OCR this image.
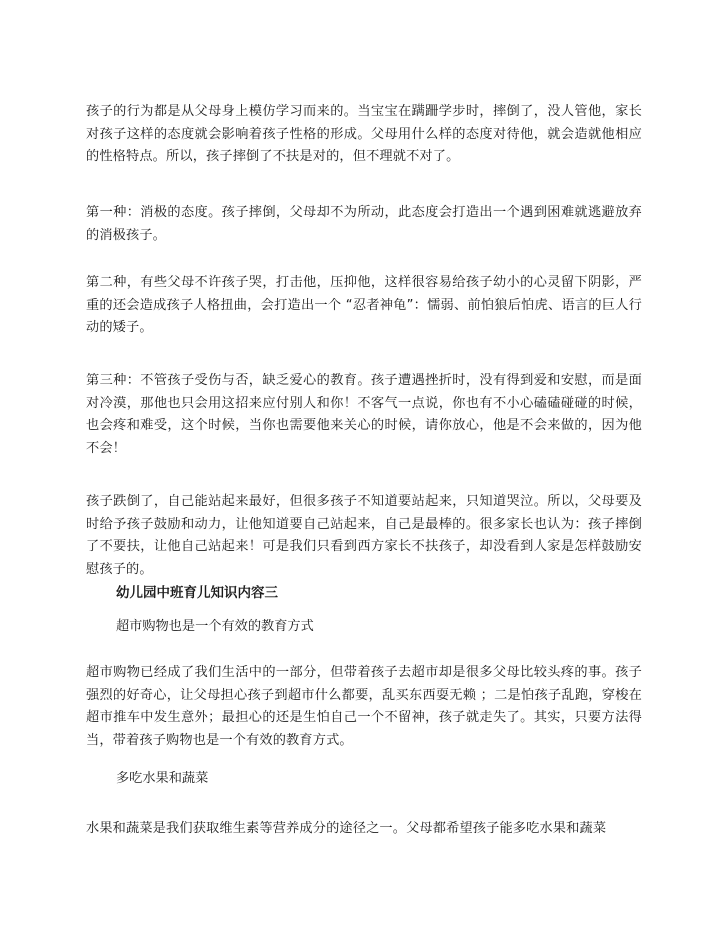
孩子的行为都是从父母身上模仿学习而来的。当宝宝在蹒跚学步时，摔倒了，没人管他，家长对孩子这样的态度就会影响着孩子性格的形成。父母用什么样的态度对待他，就会造就他相应的性格特点。所以，孩子摔倒了不扶是对的，但不理就不对了。

第一种：消极的态度。孩子摔倒，父母却不为所动，此态度会打造出一个遇到困难就逃避放弃的消极孩子。

第二种，有些父母不许孩子哭，打击他，压抑他，这样很容易给孩子幼小的心灵留下阴影，严重的还会造成孩子人格扭曲，会打造出一个 “忍者神龟”：懦弱、前怕狼后怕虎、语言的巨人行动的矮子。

第三种：不管孩子受伤与否，缺乏爱心的教育。孩子遭遇挫折时，没有得到爱和安慰，而是面对冷漠，那他也只会用这招来应付别人和你！不客气一点说，你也有不小心磕磕碰碰的时候，也会疼和难受，这个时候，当你也需要他来关心的时候，请你放心，他是不会来做的，因为他不会！

孩子跌倒了，自己能站起来最好，但很多孩子不知道要站起来，只知道哭泣。所以，父母要及时给予孩子鼓励和动力，让他知道要自己站起来，自己是最棒的。很多家长也认为：孩子摔倒了不要扶，让他自己站起来！可是我们只看到西方家长不扶孩子，却没看到人家是怎样鼓励安慰孩子的。

幼儿园中班育儿知识内容三

超市购物也是一个有效的教育方式

超市购物已经成了我们生活中的一部分，但带着孩子去超市却是很多父母比较头疼的事。孩子强烈的好奇心，让父母担心孩子到超市什么都要，乱买东西耍无赖 ；二是怕孩子乱跑，穿梭在超市推车中发生意外；最担心的还是生怕自己一个不留神，孩子就走失了。其实，只要方法得当，带着孩子购物也是一个有效的教育方式。

多吃水果和蔬菜

水果和蔬菜是我们获取维生素等营养成分的途径之一。父母都希望孩子能多吃水果和蔬菜
